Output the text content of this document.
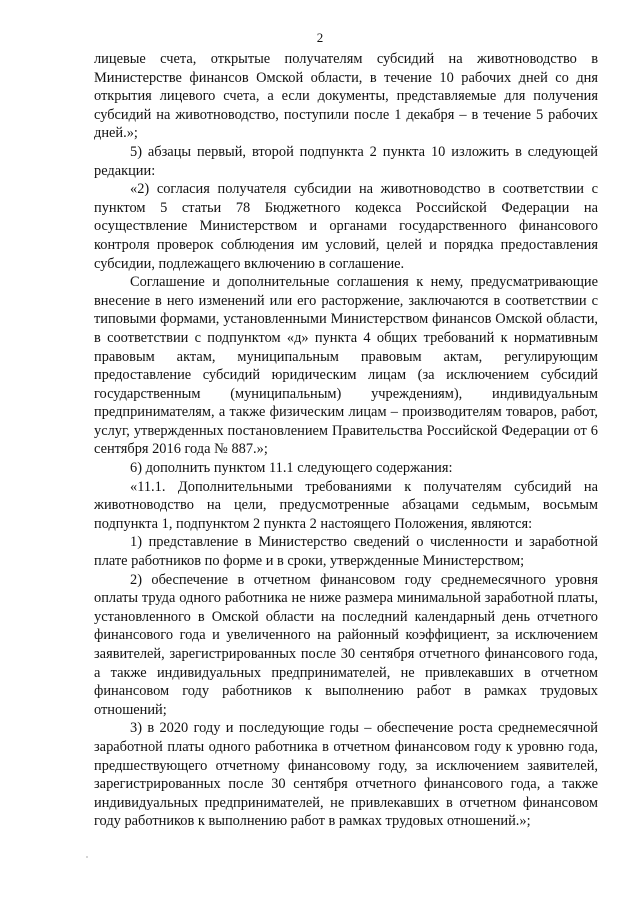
2

лицевые счета, открытые получателям субсидий на животноводство в Министерстве финансов Омской области, в течение 10 рабочих дней со дня открытия лицевого счета, а если документы, представляемые для получения субсидий на животноводство, поступили после 1 декабря – в течение 5 рабочих дней.»;

5) абзацы первый, второй подпункта 2 пункта 10 изложить в следующей редакции:

«2) согласия получателя субсидии на животноводство в соответствии с пунктом 5 статьи 78 Бюджетного кодекса Российской Федерации на осуществление Министерством и органами государственного финансового контроля проверок соблюдения им условий, целей и порядка предоставления субсидии, подлежащего включению в соглашение.

Соглашение и дополнительные соглашения к нему, предусматривающие внесение в него изменений или его расторжение, заключаются в соответствии с типовыми формами, установленными Министерством финансов Омской области, в соответствии с подпунктом «д» пункта 4 общих требований к нормативным правовым актам, муниципальным правовым актам, регулирующим предоставление субсидий юридическим лицам (за исключением субсидий государственным (муниципальным) учреждениям), индивидуальным предпринимателям, а также физическим лицам – производителям товаров, работ, услуг, утвержденных постановлением Правительства Российской Федерации от 6 сентября 2016 года № 887.»;

6) дополнить пунктом 11.1 следующего содержания:

«11.1. Дополнительными требованиями к получателям субсидий на животноводство на цели, предусмотренные абзацами седьмым, восьмым подпункта 1, подпунктом 2 пункта 2 настоящего Положения, являются:

1) представление в Министерство сведений о численности и заработной плате работников по форме и в сроки, утвержденные Министерством;

2) обеспечение в отчетном финансовом году среднемесячного уровня оплаты труда одного работника не ниже размера минимальной заработной платы, установленного в Омской области на последний календарный день отчетного финансового года и увеличенного на районный коэффициент, за исключением заявителей, зарегистрированных после 30 сентября отчетного финансового года, а также индивидуальных предпринимателей, не привлекавших в отчетном финансовом году работников к выполнению работ в рамках трудовых отношений;

3) в 2020 году и последующие годы – обеспечение роста среднемесячной заработной платы одного работника в отчетном финансовом году к уровню года, предшествующего отчетному финансовому году, за исключением заявителей, зарегистрированных после 30 сентября отчетного финансового года, а также индивидуальных предпринимателей, не привлекавших в отчетном финансовом году работников к выполнению работ в рамках трудовых отношений.»;
